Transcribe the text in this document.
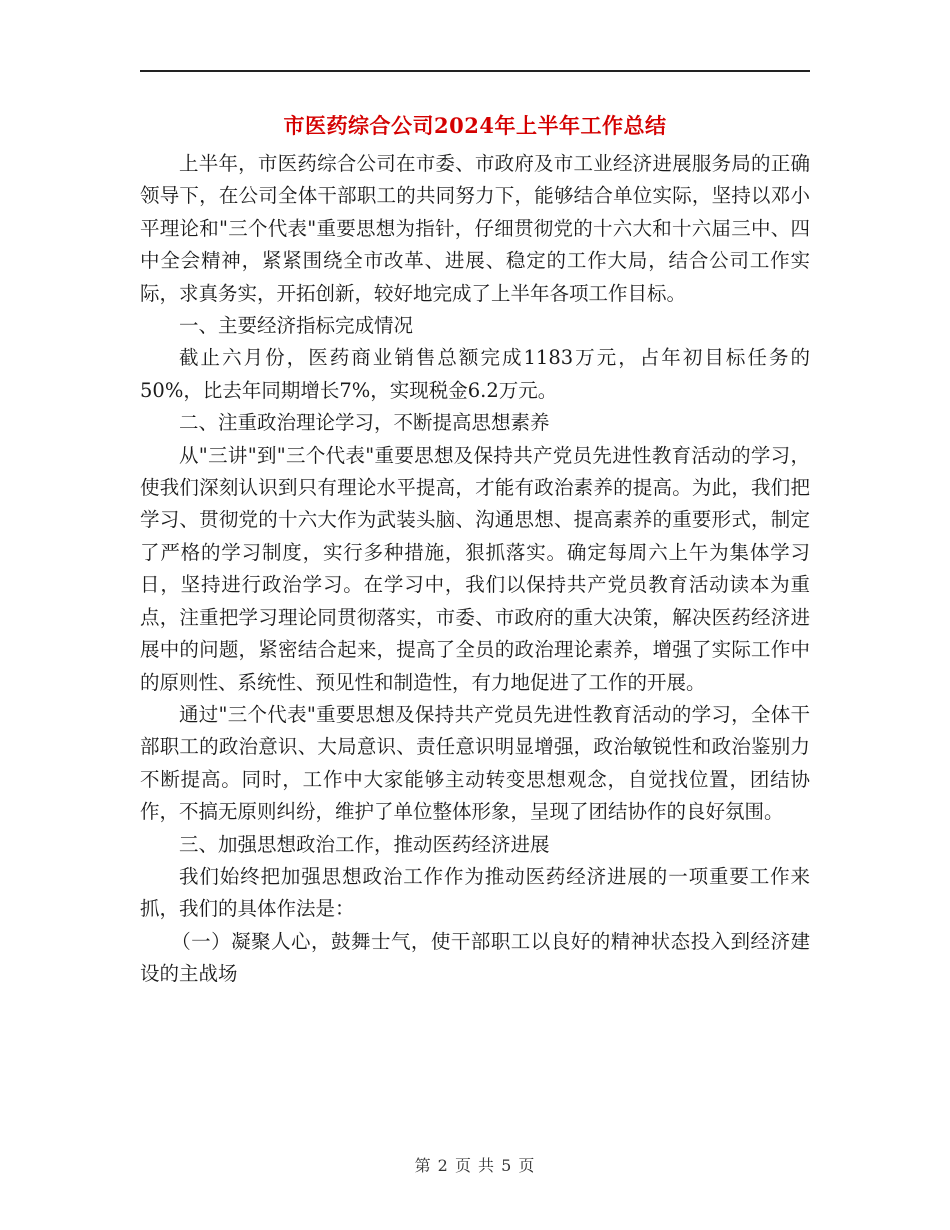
市医药综合公司2024年上半年工作总结

上半年，市医药综合公司在市委、市政府及市工业经济进展服务局的正确领导下，在公司全体干部职工的共同努力下，能够结合单位实际，坚持以邓小平理论和"三个代表"重要思想为指针，仔细贯彻党的十六大和十六届三中、四中全会精神，紧紧围绕全市改革、进展、稳定的工作大局，结合公司工作实际，求真务实，开拓创新，较好地完成了上半年各项工作目标。

一、主要经济指标完成情况

截止六月份，医药商业销售总额完成1183万元，占年初目标任务的50%，比去年同期增长7%，实现税金6.2万元。

二、注重政治理论学习，不断提高思想素养

从"三讲"到"三个代表"重要思想及保持共产党员先进性教育活动的学习，使我们深刻认识到只有理论水平提高，才能有政治素养的提高。为此，我们把学习、贯彻党的十六大作为武装头脑、沟通思想、提高素养的重要形式，制定了严格的学习制度，实行多种措施，狠抓落实。确定每周六上午为集体学习日，坚持进行政治学习。在学习中，我们以保持共产党员教育活动读本为重点，注重把学习理论同贯彻落实，市委、市政府的重大决策，解决医药经济进展中的问题，紧密结合起来，提高了全员的政治理论素养，增强了实际工作中的原则性、系统性、预见性和制造性，有力地促进了工作的开展。

通过"三个代表"重要思想及保持共产党员先进性教育活动的学习，全体干部职工的政治意识、大局意识、责任意识明显增强，政治敏锐性和政治鉴别力不断提高。同时，工作中大家能够主动转变思想观念，自觉找位置，团结协作，不搞无原则纠纷，维护了单位整体形象，呈现了团结协作的良好氛围。

三、加强思想政治工作，推动医药经济进展

我们始终把加强思想政治工作作为推动医药经济进展的一项重要工作来抓，我们的具体作法是：

（一）凝聚人心，鼓舞士气，使干部职工以良好的精神状态投入到经济建设的主战场

第 2 页 共 5 页
